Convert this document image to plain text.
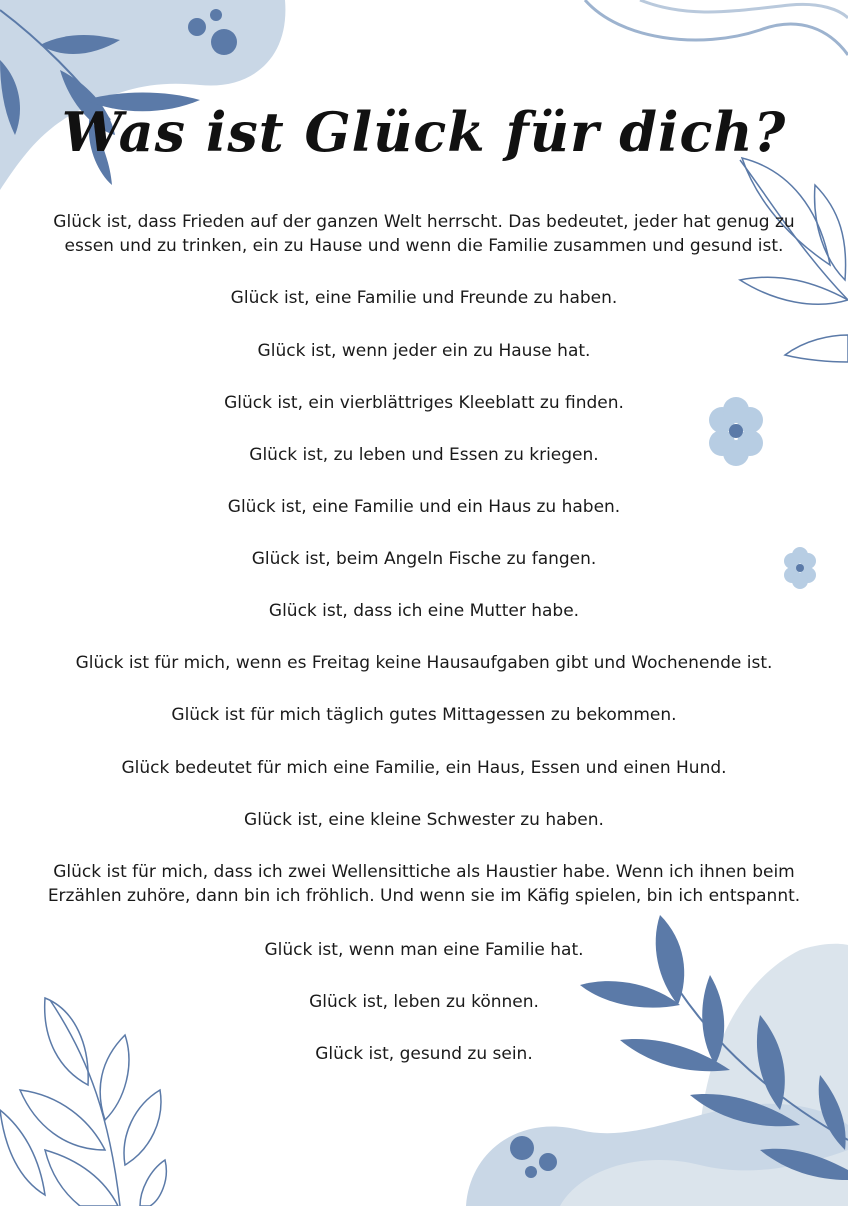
Was ist Glück für dich?

Glück ist, dass Frieden auf der ganzen Welt herrscht. Das bedeutet, jeder hat genug zu essen und zu trinken, ein zu Hause und wenn die Familie zusammen und gesund ist.

Glück ist, eine Familie und Freunde zu haben.

Glück ist, wenn jeder ein zu Hause hat.

Glück ist, ein vierblättriges Kleeblatt zu finden.

Glück ist, zu leben und Essen zu kriegen.

Glück ist, eine Familie und ein Haus zu haben.

Glück ist, beim Angeln Fische zu fangen.

Glück ist, dass ich eine Mutter habe.

Glück ist für mich, wenn es Freitag keine Hausaufgaben gibt und Wochenende ist.

Glück ist für mich täglich gutes Mittagessen zu bekommen.

Glück bedeutet für mich eine Familie, ein Haus, Essen und einen Hund.

Glück ist, eine kleine Schwester zu haben.

Glück ist für mich, dass ich zwei Wellensittiche als Haustier habe. Wenn ich ihnen beim Erzählen zuhöre, dann bin ich fröhlich. Und wenn sie im Käfig spielen, bin ich entspannt.

Glück ist, wenn man eine Familie hat.

Glück ist, leben zu können.

Glück ist, gesund zu sein.
